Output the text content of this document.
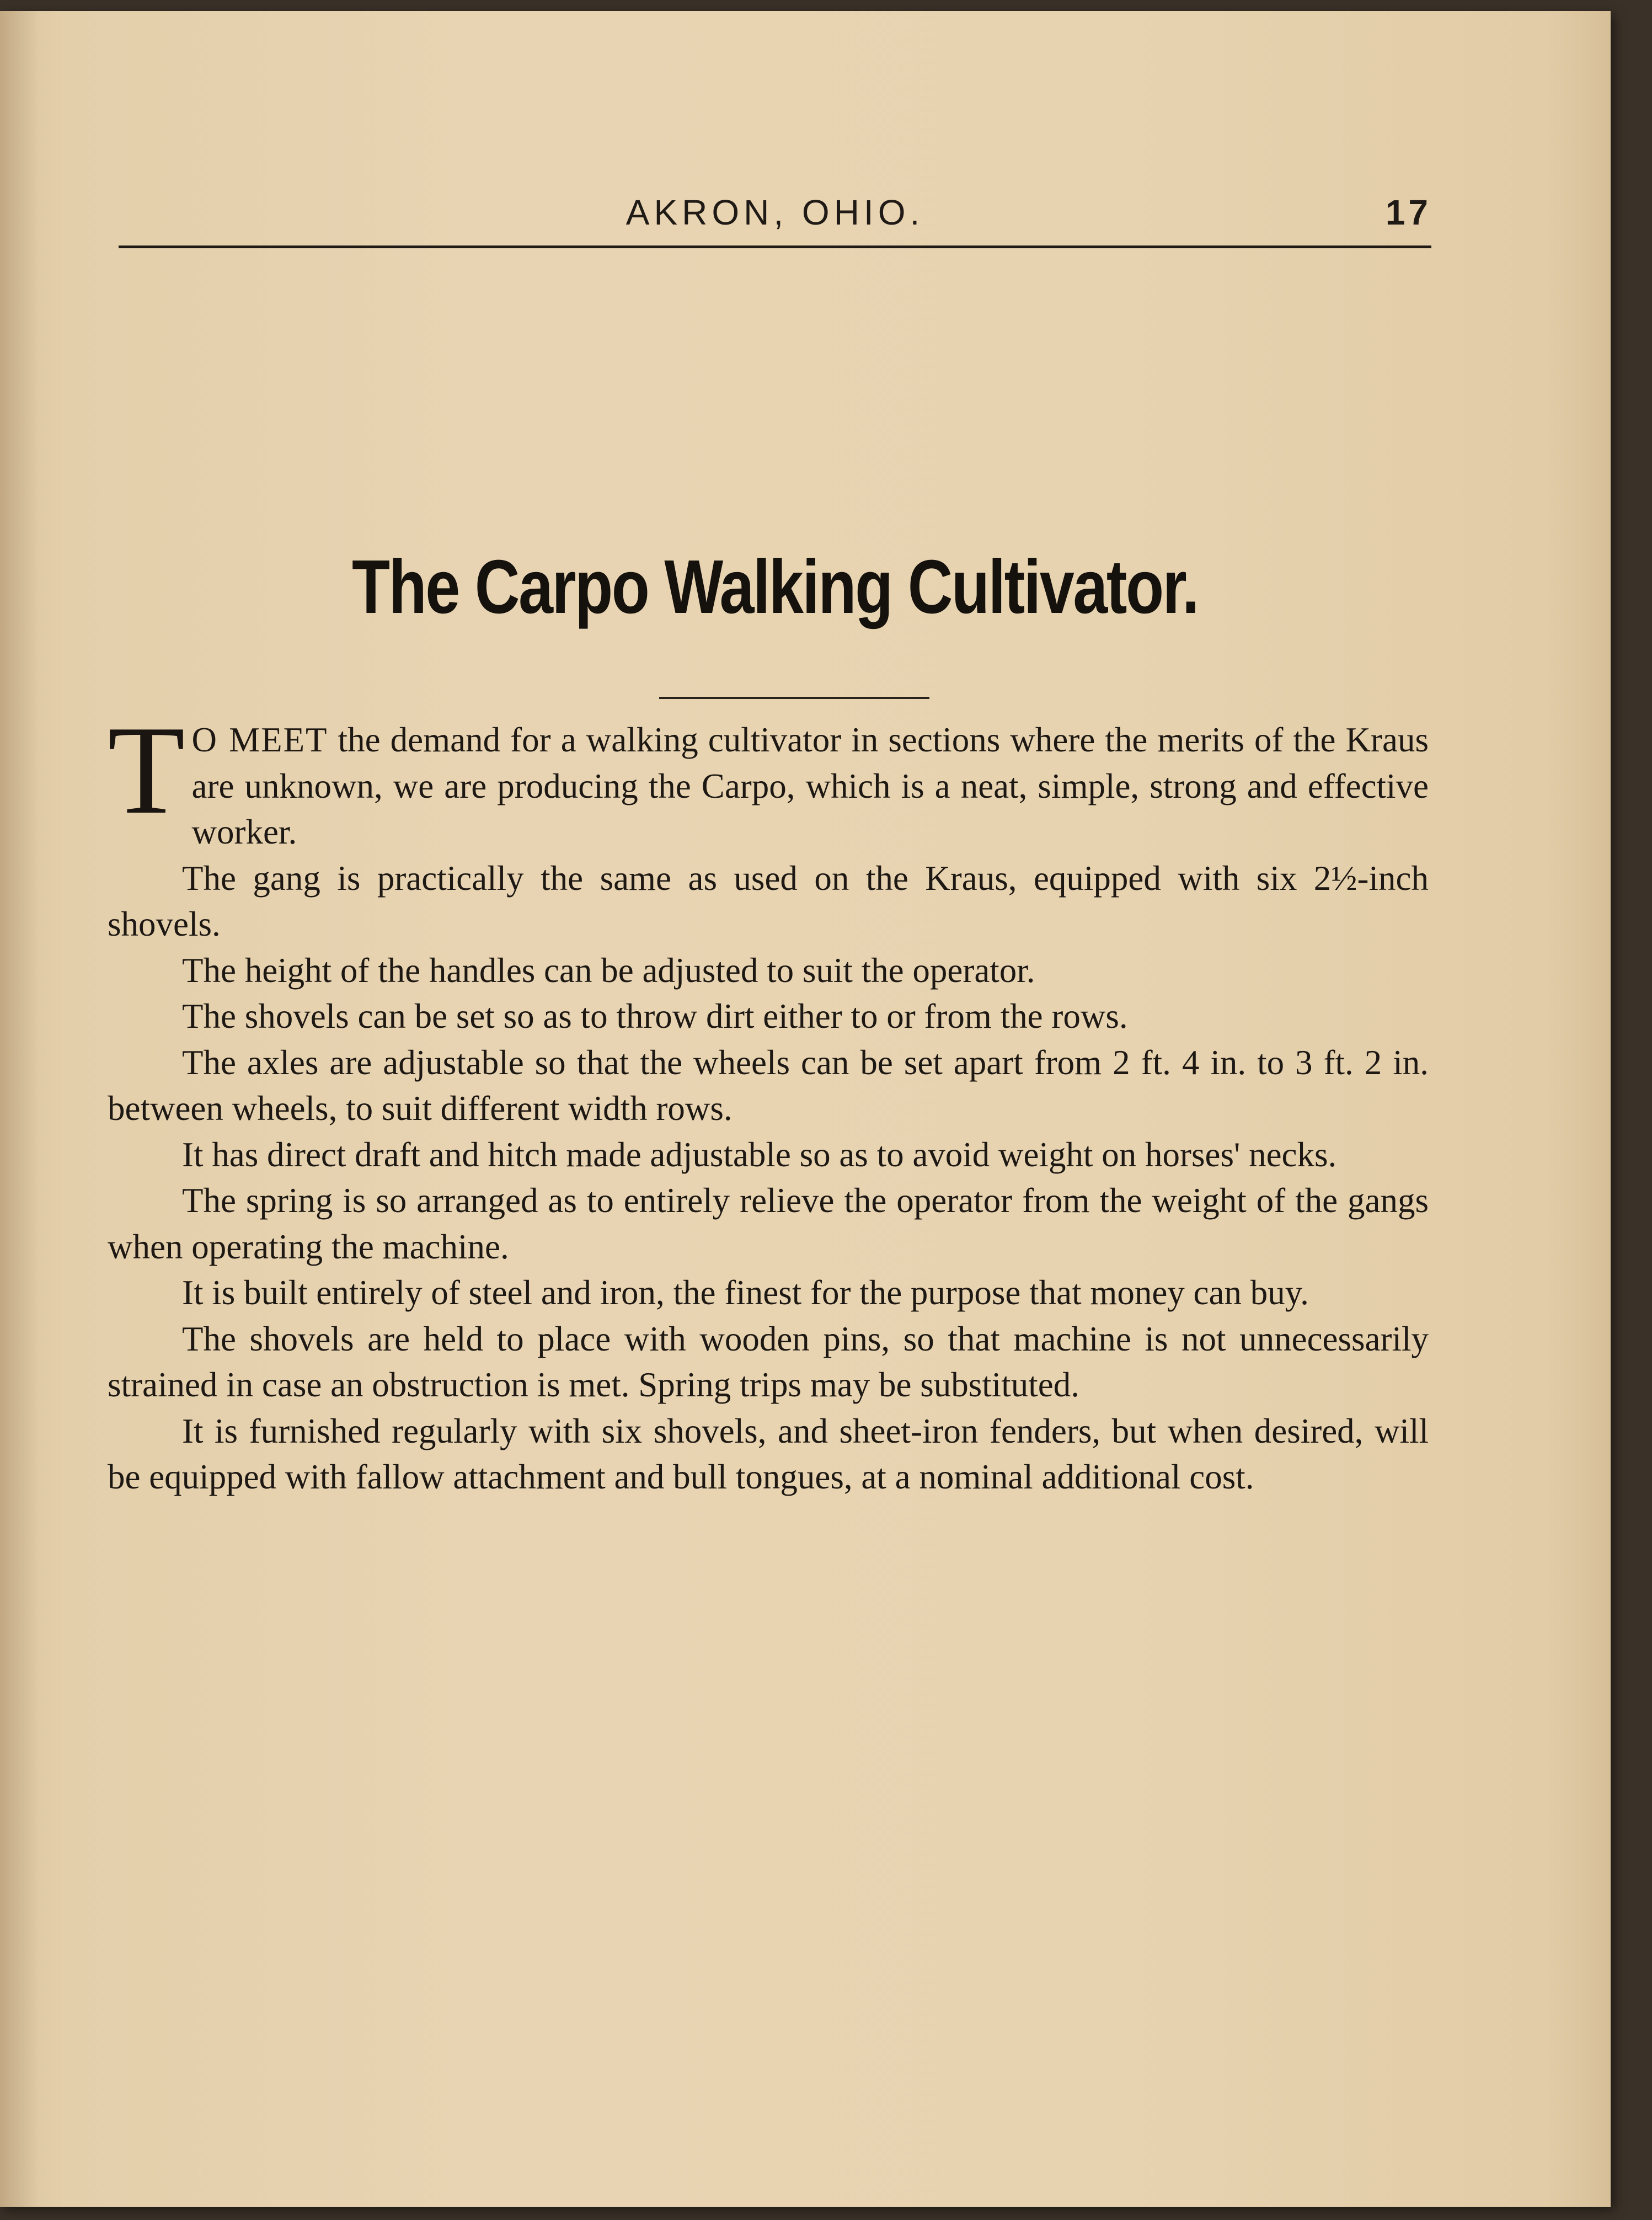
AKRON, OHIO.	17
The Carpo Walking Cultivator.

T O MEET the demand for a walking cultivator in sections where the merits of the Kraus are unknown, we are producing the Carpo, which is a neat, simple, strong and effective worker.

The gang is practically the same as used on the Kraus, equipped with six 2½-inch shovels.

The height of the handles can be adjusted to suit the operator.

The shovels can be set so as to throw dirt either to or from the rows.

The axles are adjustable so that the wheels can be set apart from 2 ft. 4 in. to 3 ft. 2 in. between wheels, to suit different width rows.

It has direct draft and hitch made adjustable so as to avoid weight on horses' necks.

The spring is so arranged as to entirely relieve the operator from the weight of the gangs when operating the machine.

It is built entirely of steel and iron, the finest for the purpose that money can buy.

The shovels are held to place with wooden pins, so that machine is not unnecessarily strained in case an obstruction is met. Spring trips may be substituted.

It is furnished regularly with six shovels, and sheet-iron fenders, but when desired, will be equipped with fallow attachment and bull tongues, at a nominal additional cost.
